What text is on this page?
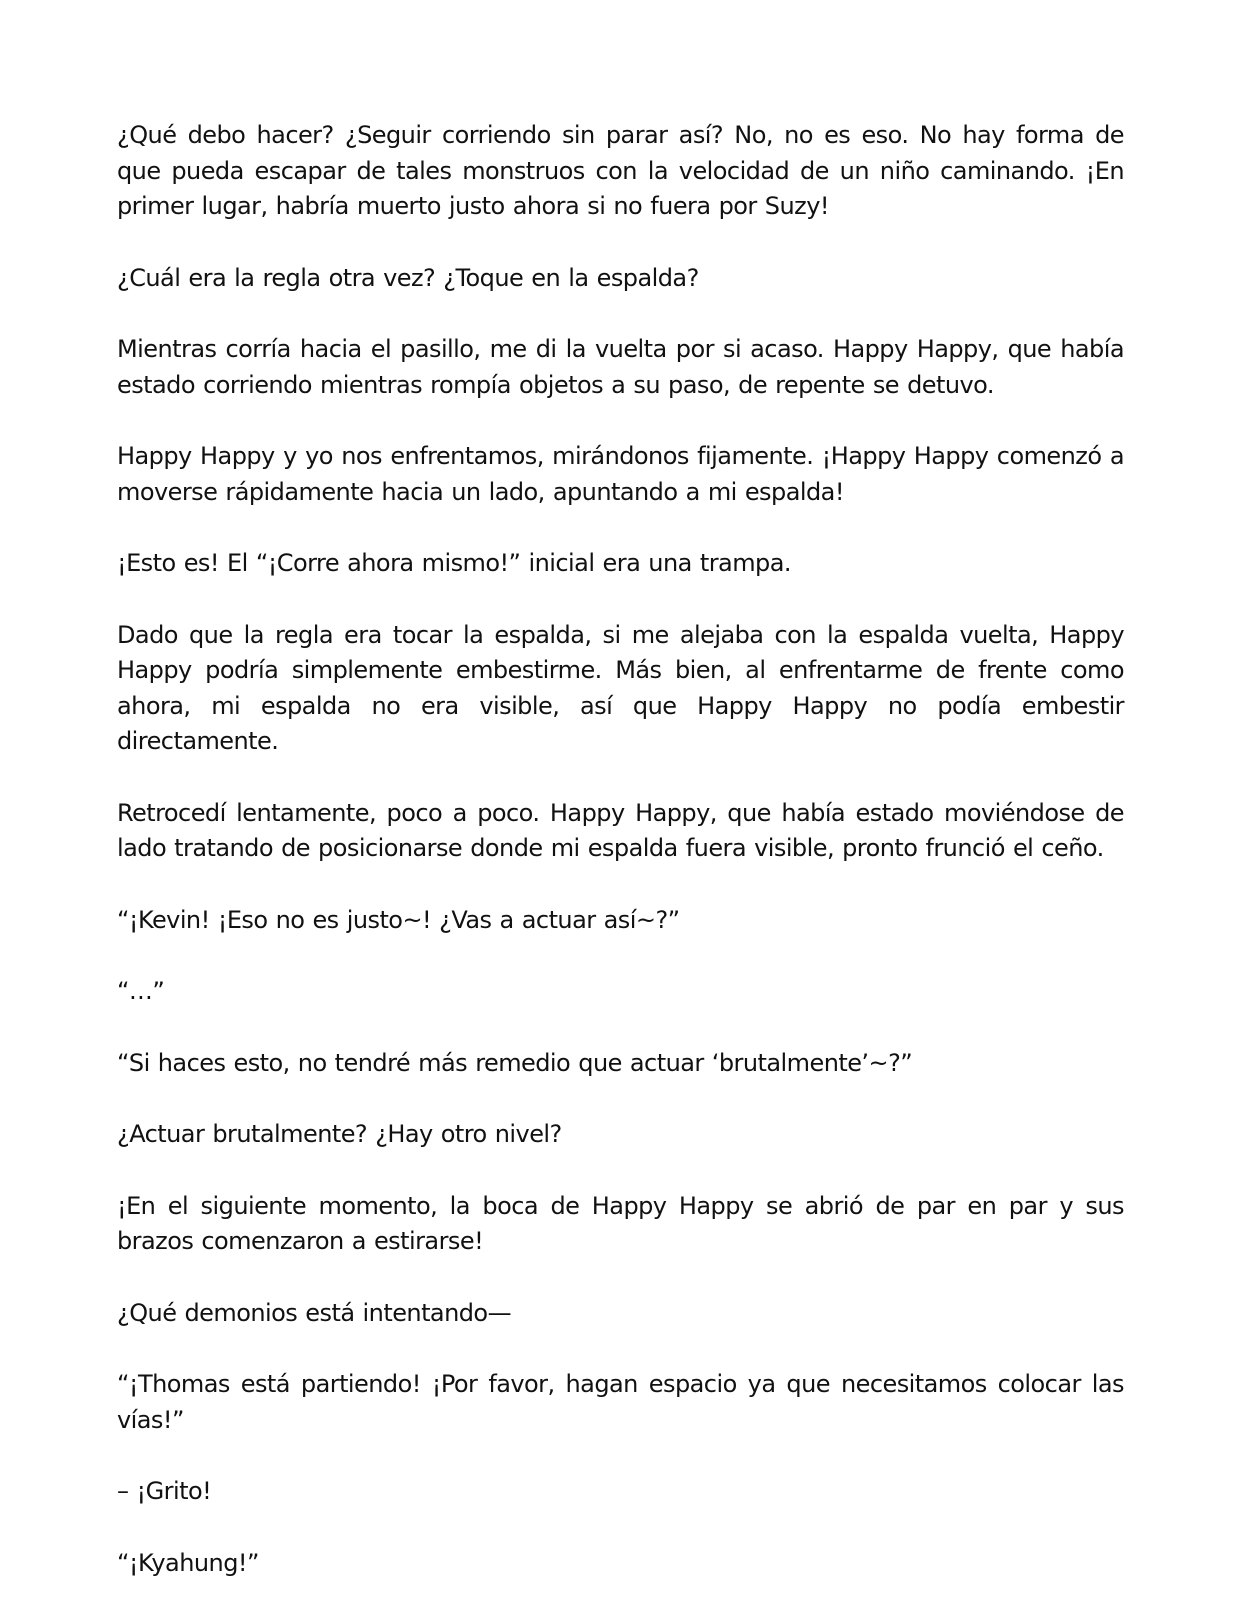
¿Qué debo hacer? ¿Seguir corriendo sin parar así? No, no es eso. No hay forma de que pueda escapar de tales monstruos con la velocidad de un niño caminando. ¡En primer lugar, habría muerto justo ahora si no fuera por Suzy!

¿Cuál era la regla otra vez? ¿Toque en la espalda?

Mientras corría hacia el pasillo, me di la vuelta por si acaso. Happy Happy, que había estado corriendo mientras rompía objetos a su paso, de repente se detuvo.

Happy Happy y yo nos enfrentamos, mirándonos fijamente. ¡Happy Happy comenzó a moverse rápidamente hacia un lado, apuntando a mi espalda!

¡Esto es! El “¡Corre ahora mismo!” inicial era una trampa.

Dado que la regla era tocar la espalda, si me alejaba con la espalda vuelta, Happy Happy podría simplemente embestirme. Más bien, al enfrentarme de frente como ahora, mi espalda no era visible, así que Happy Happy no podía embestir directamente.

Retrocedí lentamente, poco a poco. Happy Happy, que había estado moviéndose de lado tratando de posicionarse donde mi espalda fuera visible, pronto frunció el ceño.

“¡Kevin! ¡Eso no es justo~! ¿Vas a actuar así~?”

“…”

“Si haces esto, no tendré más remedio que actuar ‘brutalmente’~?”

¿Actuar brutalmente? ¿Hay otro nivel?

¡En el siguiente momento, la boca de Happy Happy se abrió de par en par y sus brazos comenzaron a estirarse!

¿Qué demonios está intentando—

“¡Thomas está partiendo! ¡Por favor, hagan espacio ya que necesitamos colocar las vías!”

– ¡Grito!

“¡Kyahung!”
